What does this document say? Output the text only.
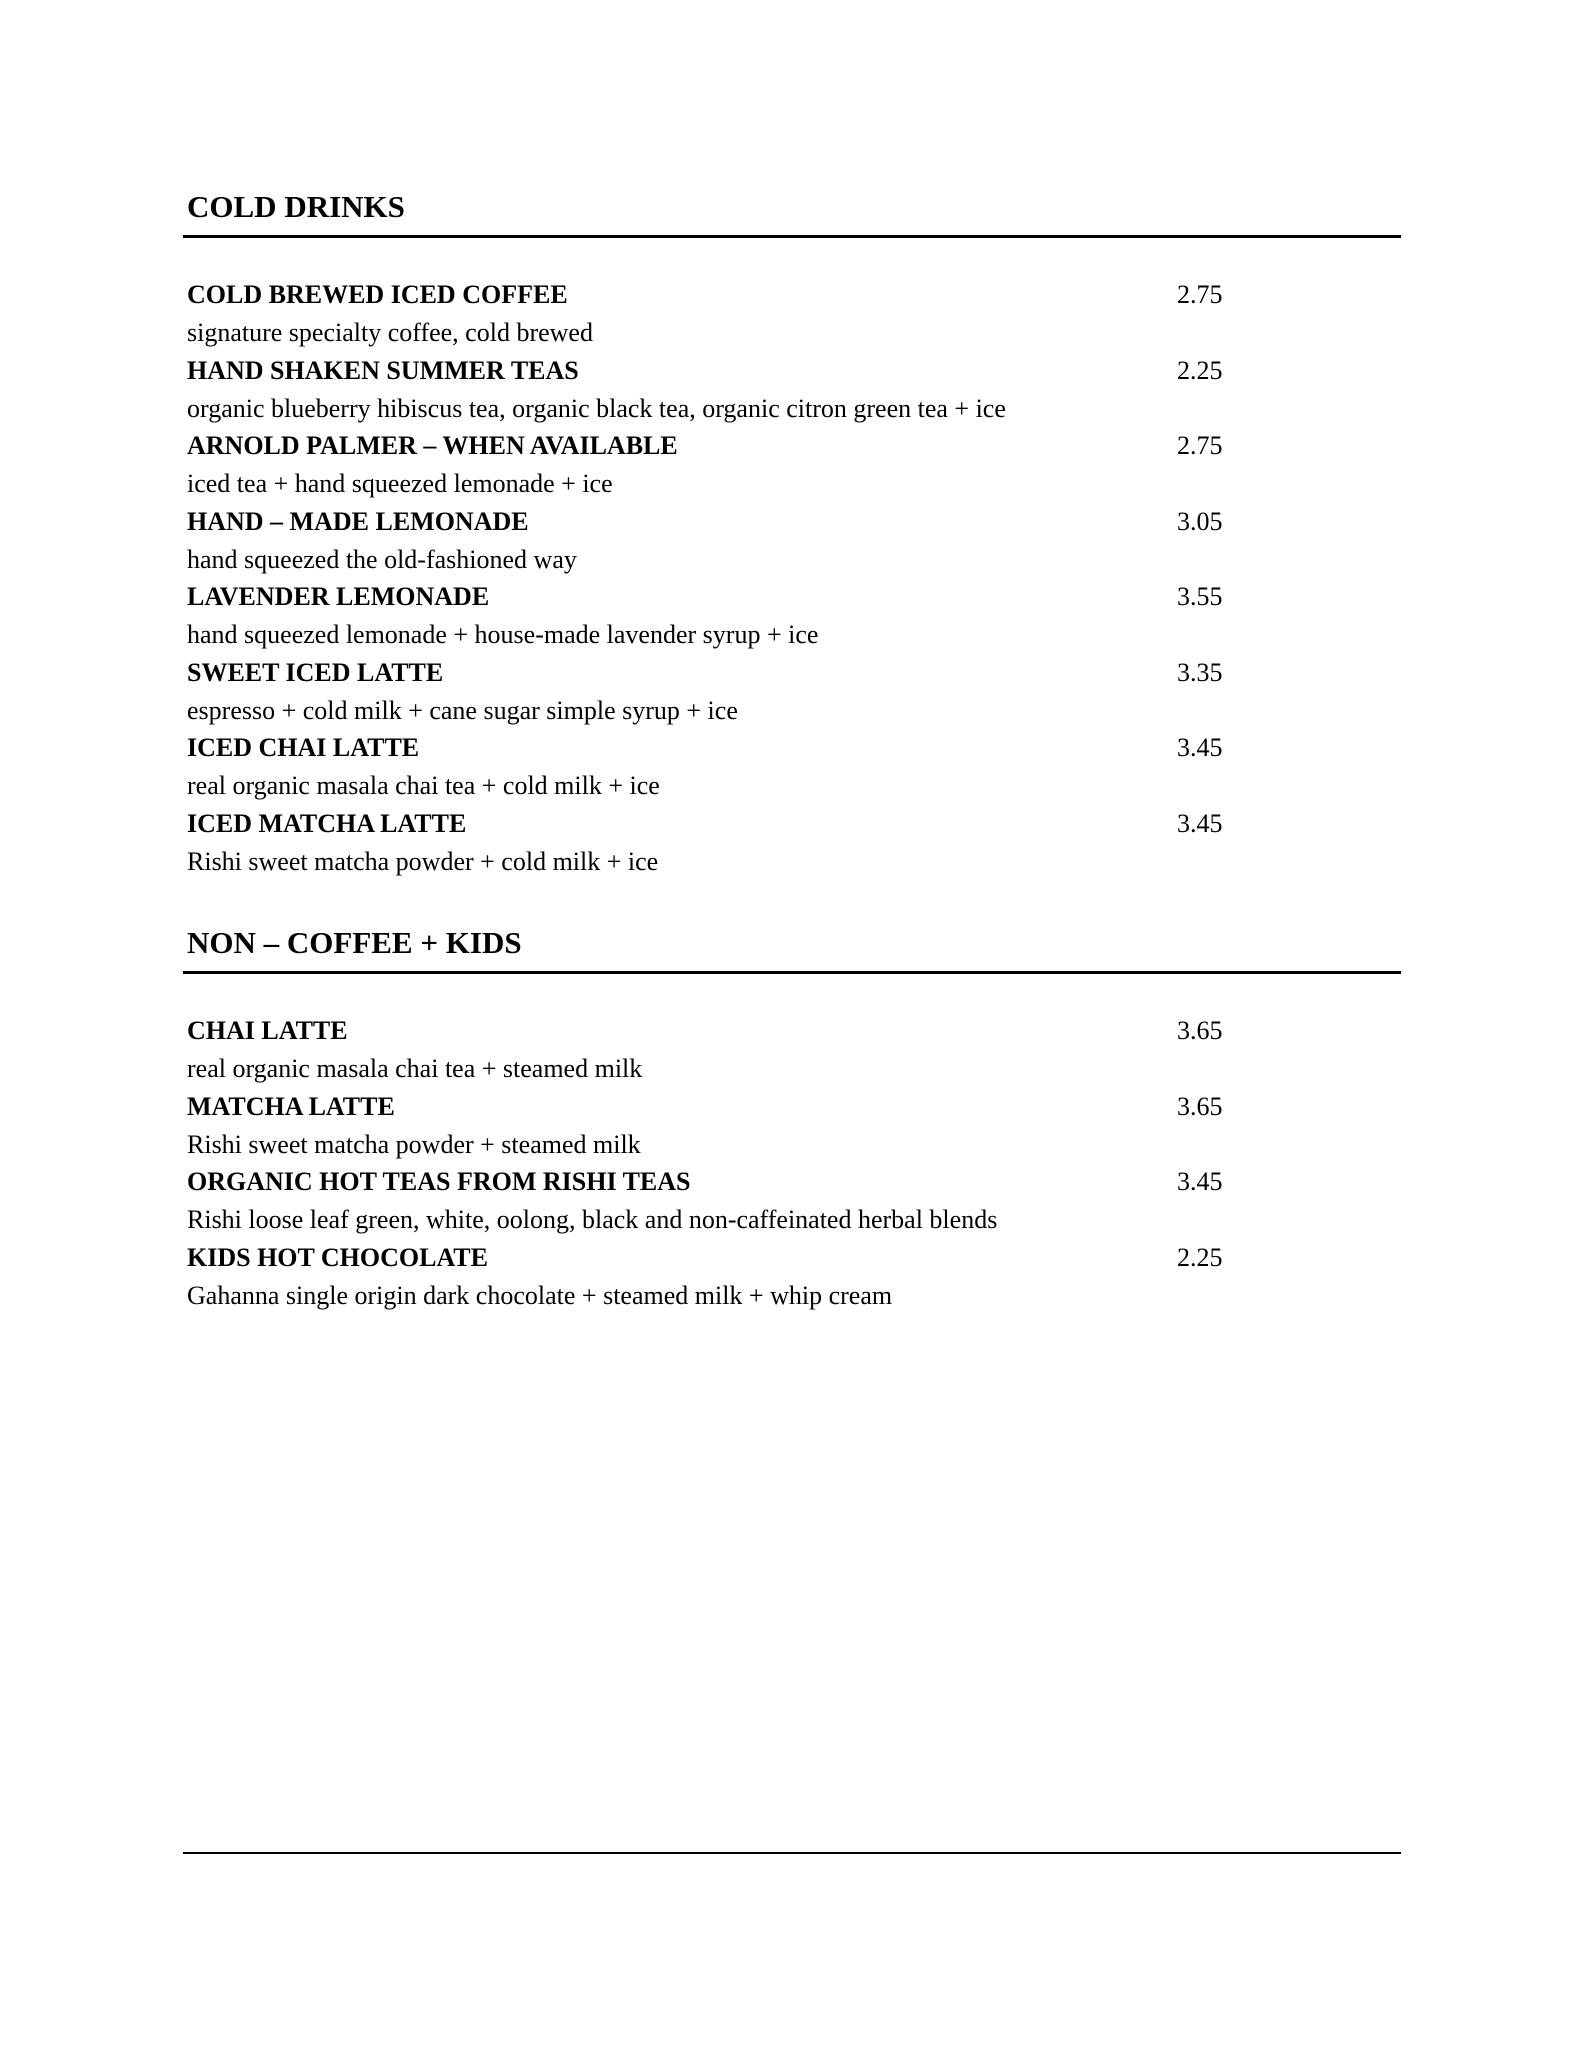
COLD DRINKS
COLD BREWED ICED COFFEE	2.75
signature specialty coffee, cold brewed
HAND SHAKEN SUMMER TEAS	2.25
organic blueberry hibiscus tea, organic black tea, organic citron green tea + ice
ARNOLD PALMER – WHEN AVAILABLE	2.75
iced tea + hand squeezed lemonade + ice
HAND – MADE LEMONADE	3.05
hand squeezed the old-fashioned way
LAVENDER LEMONADE	3.55
hand squeezed lemonade + house-made lavender syrup + ice
SWEET ICED LATTE	3.35
espresso + cold milk + cane sugar simple syrup + ice
ICED CHAI LATTE	3.45
real organic masala chai tea + cold milk + ice
ICED MATCHA LATTE	3.45
Rishi sweet matcha powder + cold milk + ice
NON – COFFEE + KIDS
CHAI LATTE	3.65
real organic masala chai tea + steamed milk
MATCHA LATTE	3.65
Rishi sweet matcha powder + steamed milk
ORGANIC HOT TEAS FROM RISHI TEAS	3.45
Rishi loose leaf green, white, oolong, black and non-caffeinated herbal blends
KIDS HOT CHOCOLATE	2.25
Gahanna single origin dark chocolate + steamed milk + whip cream
